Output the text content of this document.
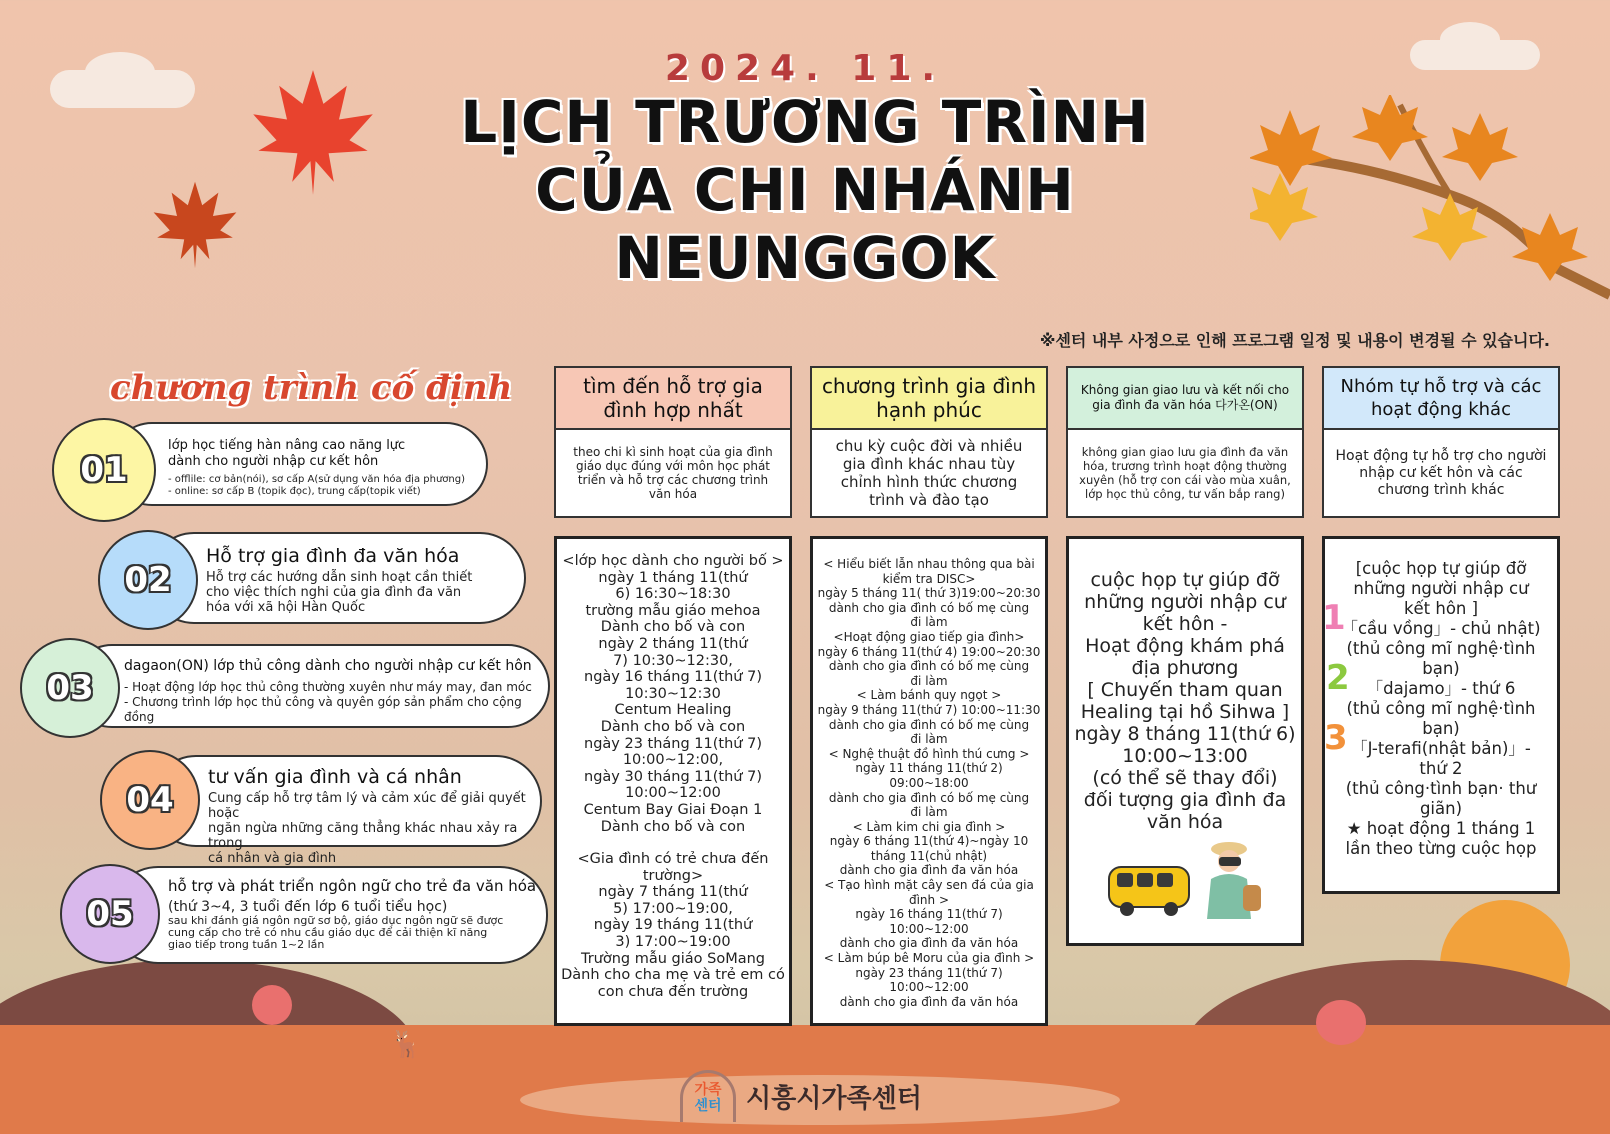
🦌
2024. 11.
LỊCH TRƯƠNG TRÌNH
CỦA CHI NHÁNH
NEUNGGOK
※센터 내부 사정으로 인해 프로그램 일정 및 내용이 변경될 수 있습니다.
chương trình cố định
lớp học tiếng hàn nâng cao năng lực dành cho người nhập cư kết hôn
- offlile: cơ bản(nói), sơ cấp A(sử dụng văn hóa địa phương)
- online: sơ cấp B (topik đọc), trung cấp(topik viết)
01
Hỗ trợ gia đình đa văn hóa
Hỗ trợ các hướng dẫn sinh hoạt cần thiết
cho việc thích nghi của gia đình đa văn
hóa với xã hội Hàn Quốc
02
dagaon(ON) lớp thủ công dành cho người nhập cư kết hôn
- Hoạt động lớp học thủ công thường xuyên như máy may, đan móc
- Chương trình lớp học thủ công và quyên góp sản phẩm cho cộng đồng
03
tư vấn gia đình và cá nhân
Cung cấp hỗ trợ tâm lý và cảm xúc để giải quyết hoặc
ngăn ngừa những căng thẳng khác nhau xảy ra trong
cá nhân và gia đình
04
hỗ trợ và phát triển ngôn ngữ cho trẻ đa văn hóa
(thứ 3~4, 3 tuổi đến lớp 6 tuổi tiểu học)
sau khi đánh giá ngôn ngữ sơ bộ, giáo dục ngôn ngữ sẽ được
cung cấp cho trẻ có nhu cầu giáo dục để cải thiện kĩ năng
giao tiếp trong tuần 1~2 lần
05
tìm đến hỗ trợ gia đình hợp nhất
theo chi kì sinh hoạt của gia đình giáo dục đúng với môn học phát triển và hỗ trợ các chương trình văn hóa
<lớp học dành cho người bố >
ngày 1 tháng 11(thứ
6) 16:30~18:30
trường mẫu giáo mehoa
Dành cho bố và con
ngày 2 tháng 11(thứ
7) 10:30~12:30,
ngày 16 tháng 11(thứ 7)
10:30~12:30
Centum Healing
Dành cho bố và con
ngày 23 tháng 11(thứ 7)
10:00~12:00,
ngày 30 tháng 11(thứ 7)
10:00~12:00
Centum Bay Giai Đoạn 1
Dành cho bố và con
<Gia đình có trẻ chưa đến
trường>
ngày 7 tháng 11(thứ
5) 17:00~19:00,
ngày 19 tháng 11(thứ
3) 17:00~19:00
Trường mẫu giáo SoMang
Dành cho cha mẹ và trẻ em có
con chưa đến trường
chương trình gia đình hạnh phúc
chu kỳ cuộc đời và nhiều gia đình khác nhau tùy chỉnh hình thức chương trình và đào tạo
< Hiểu biết lẫn nhau thông qua bài
kiểm tra DISC>
ngày 5 tháng 11( thứ 3)19:00~20:30
dành cho gia đình có bố mẹ cùng
đi làm
<Hoạt động giao tiếp gia đình>
ngày 6 tháng 11(thứ 4) 19:00~20:30
dành cho gia đình có bố mẹ cùng
đi làm
< Làm bánh quy ngọt >
ngày 9 tháng 11(thứ 7) 10:00~11:30
dành cho gia đình có bố mẹ cùng
đi làm
< Nghệ thuật đồ hình thú cưng >
ngày 11 tháng 11(thứ 2)
09:00~18:00
dành cho gia đình có bố mẹ cùng
đi làm
< Làm kim chi gia đình >
ngày 6 tháng 11(thứ 4)~ngày 10
tháng 11(chủ nhật)
dành cho gia đình đa văn hóa
< Tạo hình mặt cây sen đá của gia
đình >
ngày 16 tháng 11(thứ 7) 10:00~12:00
dành cho gia đình đa văn hóa
< Làm búp bê Moru của gia đình >
ngày 23 tháng 11(thứ 7)
10:00~12:00
dành cho gia đình đa văn hóa
Không gian giao lưu và kết nối cho gia đình đa văn hóa 다가온(ON)
không gian giao lưu gia đình đa văn hóa, trương trình hoạt động thường xuyên (hỗ trợ con cái vào mùa xuân, lớp học thủ công, tư vấn bắp rang)
cuộc họp tự giúp đỡ
những người nhập cư
kết hôn -
Hoạt động khám phá
địa phương
[ Chuyến tham quan
Healing tại hồ Sihwa ]
ngày 8 tháng 11(thứ 6)
10:00~13:00
(có thể sẽ thay đổi)
đối tượng gia đình đa
văn hóa
Nhóm tự hỗ trợ và các hoạt động khác
Hoạt động tự hỗ trợ cho người nhập cư kết hôn và các chương trình khác
[cuộc họp tự giúp đỡ
những người nhập cư
kết hôn ]
「cầu vồng」- chủ nhật)
(thủ công mĩ nghệ·tình
bạn)
「dajamo」- thứ 6
(thủ công mĩ nghệ·tình
bạn)
「J-terafi(nhật bản)」-
thứ 2
(thủ công·tình bạn· thư
giãn)
★ hoạt động 1 tháng 1
lần theo từng cuộc họp
1
2
3
가족
센터 시흥시가족센터
